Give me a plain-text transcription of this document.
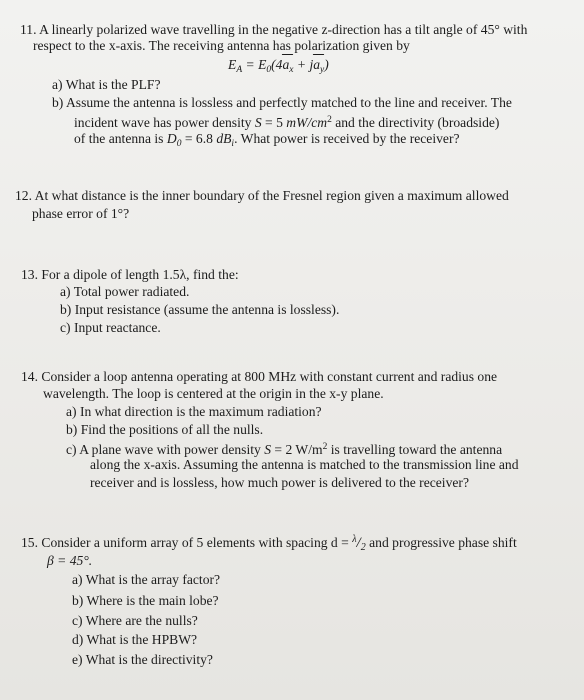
11. A linearly polarized wave travelling in the negative z-direction has a tilt angle of 45° with
respect to the x-axis. The receiving antenna has polarization given by
$E_A = E_0(4a_x + ja_y)$
a) What is the PLF?
b) Assume the antenna is lossless and perfectly matched to the line and receiver. The
incident wave has power density S = 5 $mW/cm^2$ and the directivity (broadside)
of the antenna is $D_0 = 6.8$ $dB_i$. What power is received by the receiver?
12. At what distance is the inner boundary of the Fresnel region given a maximum allowed
phase error of 1°?
13. For a dipole of length 1.5λ, find the:
a) Total power radiated.
b) Input resistance (assume the antenna is lossless).
c) Input reactance.
14. Consider a loop antenna operating at 800 MHz with constant current and radius one
wavelength. The loop is centered at the origin in the x-y plane.
a) In what direction is the maximum radiation?
b) Find the positions of all the nulls.
c) A plane wave with power density S = 2 $W/m^2$ is travelling toward the antenna
along the x-axis. Assuming the antenna is matched to the transmission line and
receiver and is lossless, how much power is delivered to the receiver?
15. Consider a uniform array of 5 elements with spacing $d = ^\lambda/_2$ and progressive phase shift
β = 45°.
a) What is the array factor?
b) Where is the main lobe?
c) Where are the nulls?
d) What is the HPBW?
e) What is the directivity?
